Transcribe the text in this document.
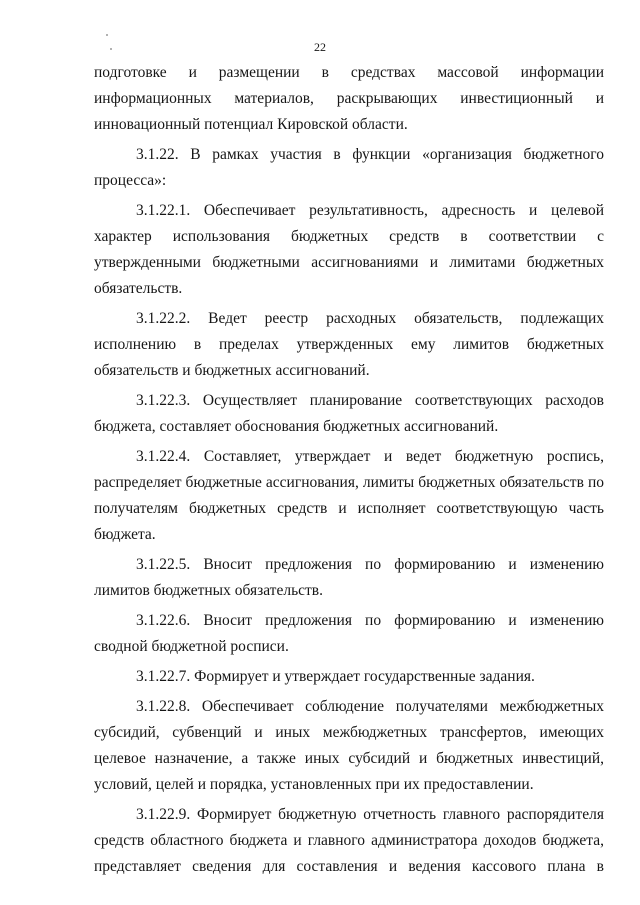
22

подготовке и размещении в средствах массовой информации информационных материалов, раскрывающих инвестиционный и инновационный потенциал Кировской области.

3.1.22. В рамках участия в функции «организация бюджетного процесса»:

3.1.22.1. Обеспечивает результативность, адресность и целевой характер использования бюджетных средств в соответствии с утвержденными бюджетными ассигнованиями и лимитами бюджетных обязательств.

3.1.22.2. Ведет реестр расходных обязательств, подлежащих исполнению в пределах утвержденных ему лимитов бюджетных обязательств и бюджетных ассигнований.

3.1.22.3. Осуществляет планирование соответствующих расходов бюджета, составляет обоснования бюджетных ассигнований.

3.1.22.4. Составляет, утверждает и ведет бюджетную роспись, распределяет бюджетные ассигнования, лимиты бюджетных обязательств по получателям бюджетных средств и исполняет соответствующую часть бюджета.

3.1.22.5. Вносит предложения по формированию и изменению лимитов бюджетных обязательств.

3.1.22.6. Вносит предложения по формированию и изменению сводной бюджетной росписи.

3.1.22.7. Формирует и утверждает государственные задания.

3.1.22.8. Обеспечивает соблюдение получателями межбюджетных субсидий, субвенций и иных межбюджетных трансфертов, имеющих целевое назначение, а также иных субсидий и бюджетных инвестиций, условий, целей и порядка, установленных при их предоставлении.

3.1.22.9. Формирует бюджетную отчетность главного распорядителя средств областного бюджета и главного администратора доходов бюджета, представляет сведения для составления и ведения кассового плана в
